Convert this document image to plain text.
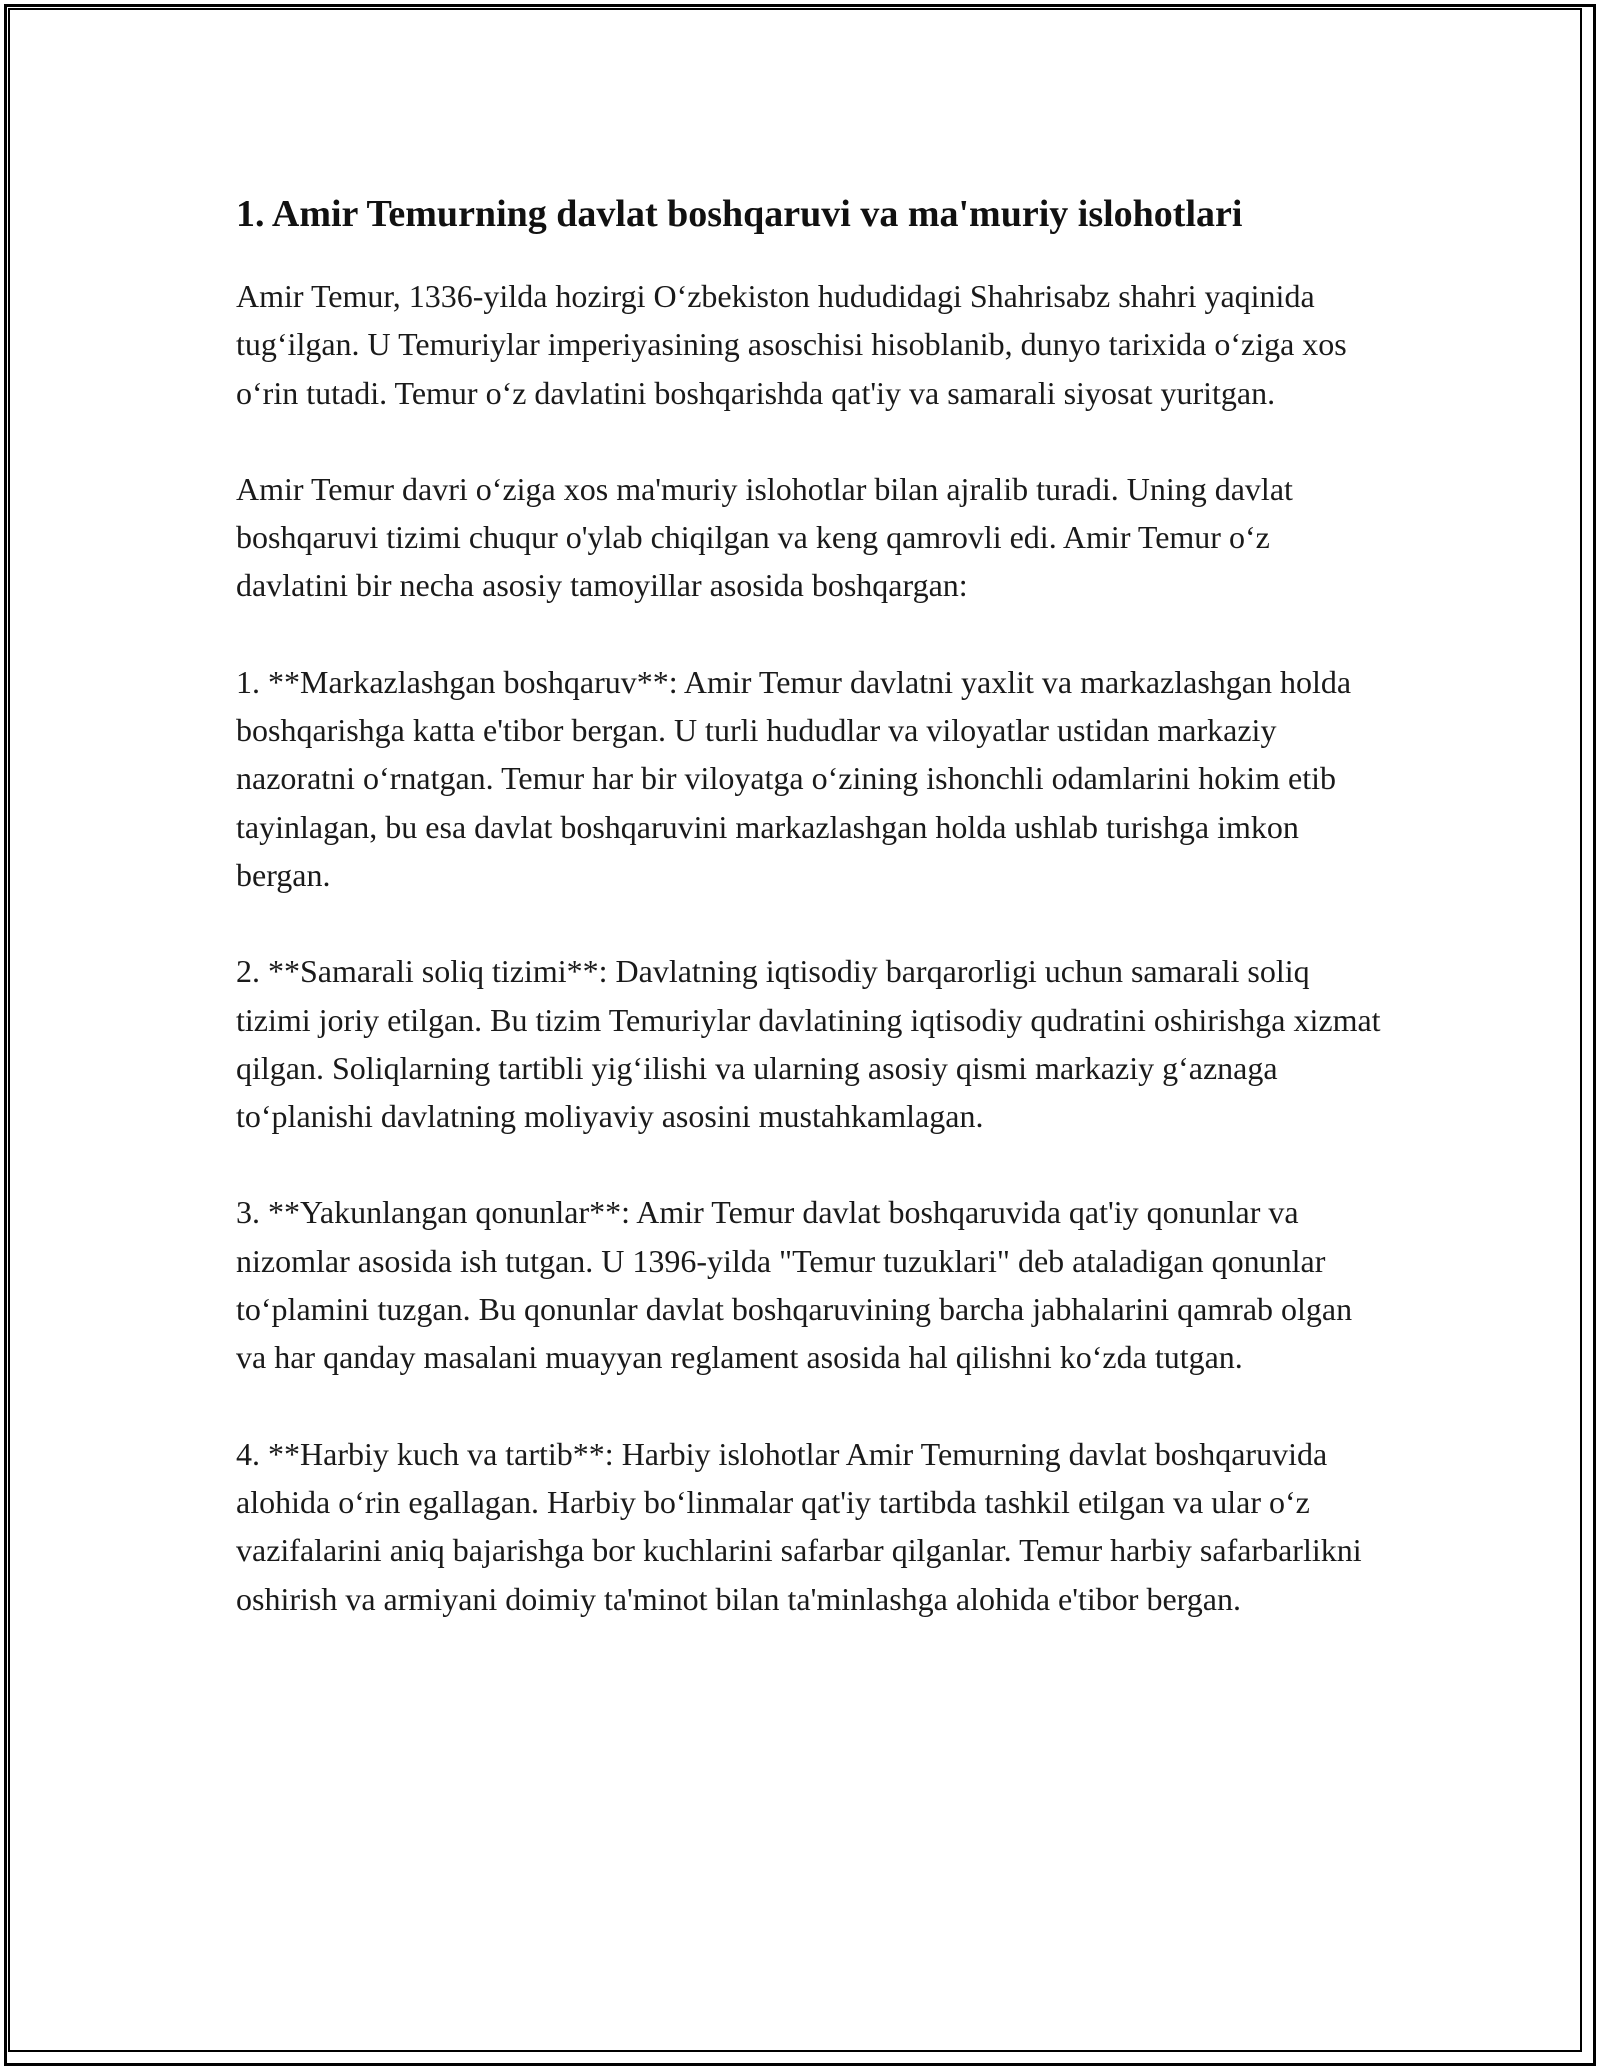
1. Amir Temurning davlat boshqaruvi va ma'muriy islohotlari

Amir Temur, 1336-yilda hozirgi O‘zbekiston hududidagi Shahrisabz shahri yaqinida tug‘ilgan. U Temuriylar imperiyasining asoschisi hisoblanib, dunyo tarixida o‘ziga xos o‘rin tutadi. Temur o‘z davlatini boshqarishda qat'iy va samarali siyosat yuritgan.

Amir Temur davri o‘ziga xos ma'muriy islohotlar bilan ajralib turadi. Uning davlat boshqaruvi tizimi chuqur o'ylab chiqilgan va keng qamrovli edi. Amir Temur o‘z davlatini bir necha asosiy tamoyillar asosida boshqargan:

1. **Markazlashgan boshqaruv**: Amir Temur davlatni yaxlit va markazlashgan holda boshqarishga katta e'tibor bergan. U turli hududlar va viloyatlar ustidan markaziy nazoratni o‘rnatgan. Temur har bir viloyatga o‘zining ishonchli odamlarini hokim etib tayinlagan, bu esa davlat boshqaruvini markazlashgan holda ushlab turishga imkon bergan.

2. **Samarali soliq tizimi**: Davlatning iqtisodiy barqarorligi uchun samarali soliq tizimi joriy etilgan. Bu tizim Temuriylar davlatining iqtisodiy qudratini oshirishga xizmat qilgan. Soliqlarning tartibli yig‘ilishi va ularning asosiy qismi markaziy g‘aznaga to‘planishi davlatning moliyaviy asosini mustahkamlagan.

3. **Yakunlangan qonunlar**: Amir Temur davlat boshqaruvida qat'iy qonunlar va nizomlar asosida ish tutgan. U 1396-yilda "Temur tuzuklari" deb ataladigan qonunlar to‘plamini tuzgan. Bu qonunlar davlat boshqaruvining barcha jabhalarini qamrab olgan va har qanday masalani muayyan reglament asosida hal qilishni ko‘zda tutgan.

4. **Harbiy kuch va tartib**: Harbiy islohotlar Amir Temurning davlat boshqaruvida alohida o‘rin egallagan. Harbiy bo‘linmalar qat'iy tartibda tashkil etilgan va ular o‘z vazifalarini aniq bajarishga bor kuchlarini safarbar qilganlar. Temur harbiy safarbarlikni oshirish va armiyani doimiy ta'minot bilan ta'minlashga alohida e'tibor bergan.
